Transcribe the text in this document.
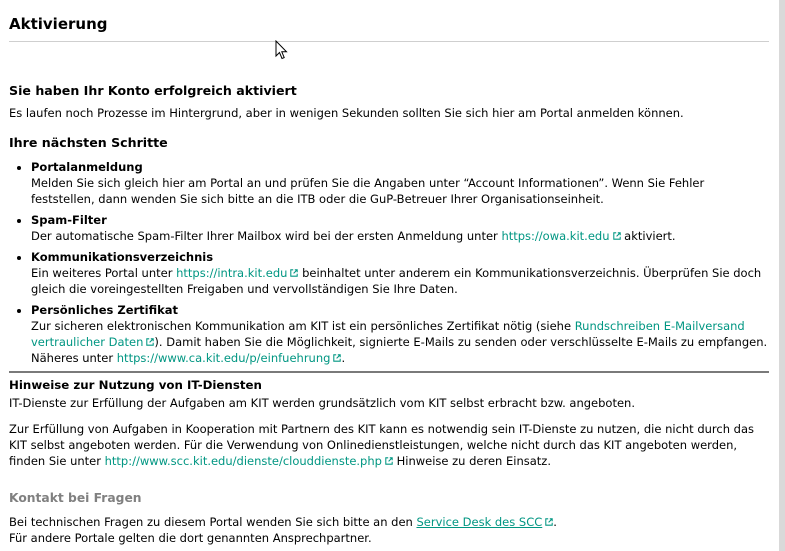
Aktivierung
Sie haben Ihr Konto erfolgreich aktiviert
Es laufen noch Prozesse im Hintergrund, aber in wenigen Sekunden sollten Sie sich hier am Portal anmelden können.
Ihre nächsten Schritte
• Portalanmeldung
Melden Sie sich gleich hier am Portal an und prüfen Sie die Angaben unter “Account Informationen”. Wenn Sie Fehler feststellen, dann wenden Sie sich bitte an die ITB oder die GuP-Betreuer Ihrer Organisationseinheit.
• Spam-Filter
Der automatische Spam-Filter Ihrer Mailbox wird bei der ersten Anmeldung unter https://owa.kit.edu aktiviert.
• Kommunikationsverzeichnis
Ein weiteres Portal unter https://intra.kit.edu beinhaltet unter anderem ein Kommunikationsverzeichnis. Überprüfen Sie doch gleich die voreingestellten Freigaben und vervollständigen Sie Ihre Daten.
• Persönliches Zertifikat
Zur sicheren elektronischen Kommunikation am KIT ist ein persönliches Zertifikat nötig (siehe Rundschreiben E-Mailversand vertraulicher Daten ). Damit haben Sie die Möglichkeit, signierte E-Mails zu senden oder verschlüsselte E-Mails zu empfangen. Näheres unter https://www.ca.kit.edu/p/einfuehrung .
Hinweise zur Nutzung von IT-Diensten
IT-Dienste zur Erfüllung der Aufgaben am KIT werden grundsätzlich vom KIT selbst erbracht bzw. angeboten.
Zur Erfüllung von Aufgaben in Kooperation mit Partnern des KIT kann es notwendig sein IT-Dienste zu nutzen, die nicht durch das KIT selbst angeboten werden. Für die Verwendung von Onlinedienstleistungen, welche nicht durch das KIT angeboten werden, finden Sie unter http://www.scc.kit.edu/dienste/clouddienste.php Hinweise zu deren Einsatz.
Kontakt bei Fragen
Bei technischen Fragen zu diesem Portal wenden Sie sich bitte an den Service Desk des SCC .
Für andere Portale gelten die dort genannten Ansprechpartner.
